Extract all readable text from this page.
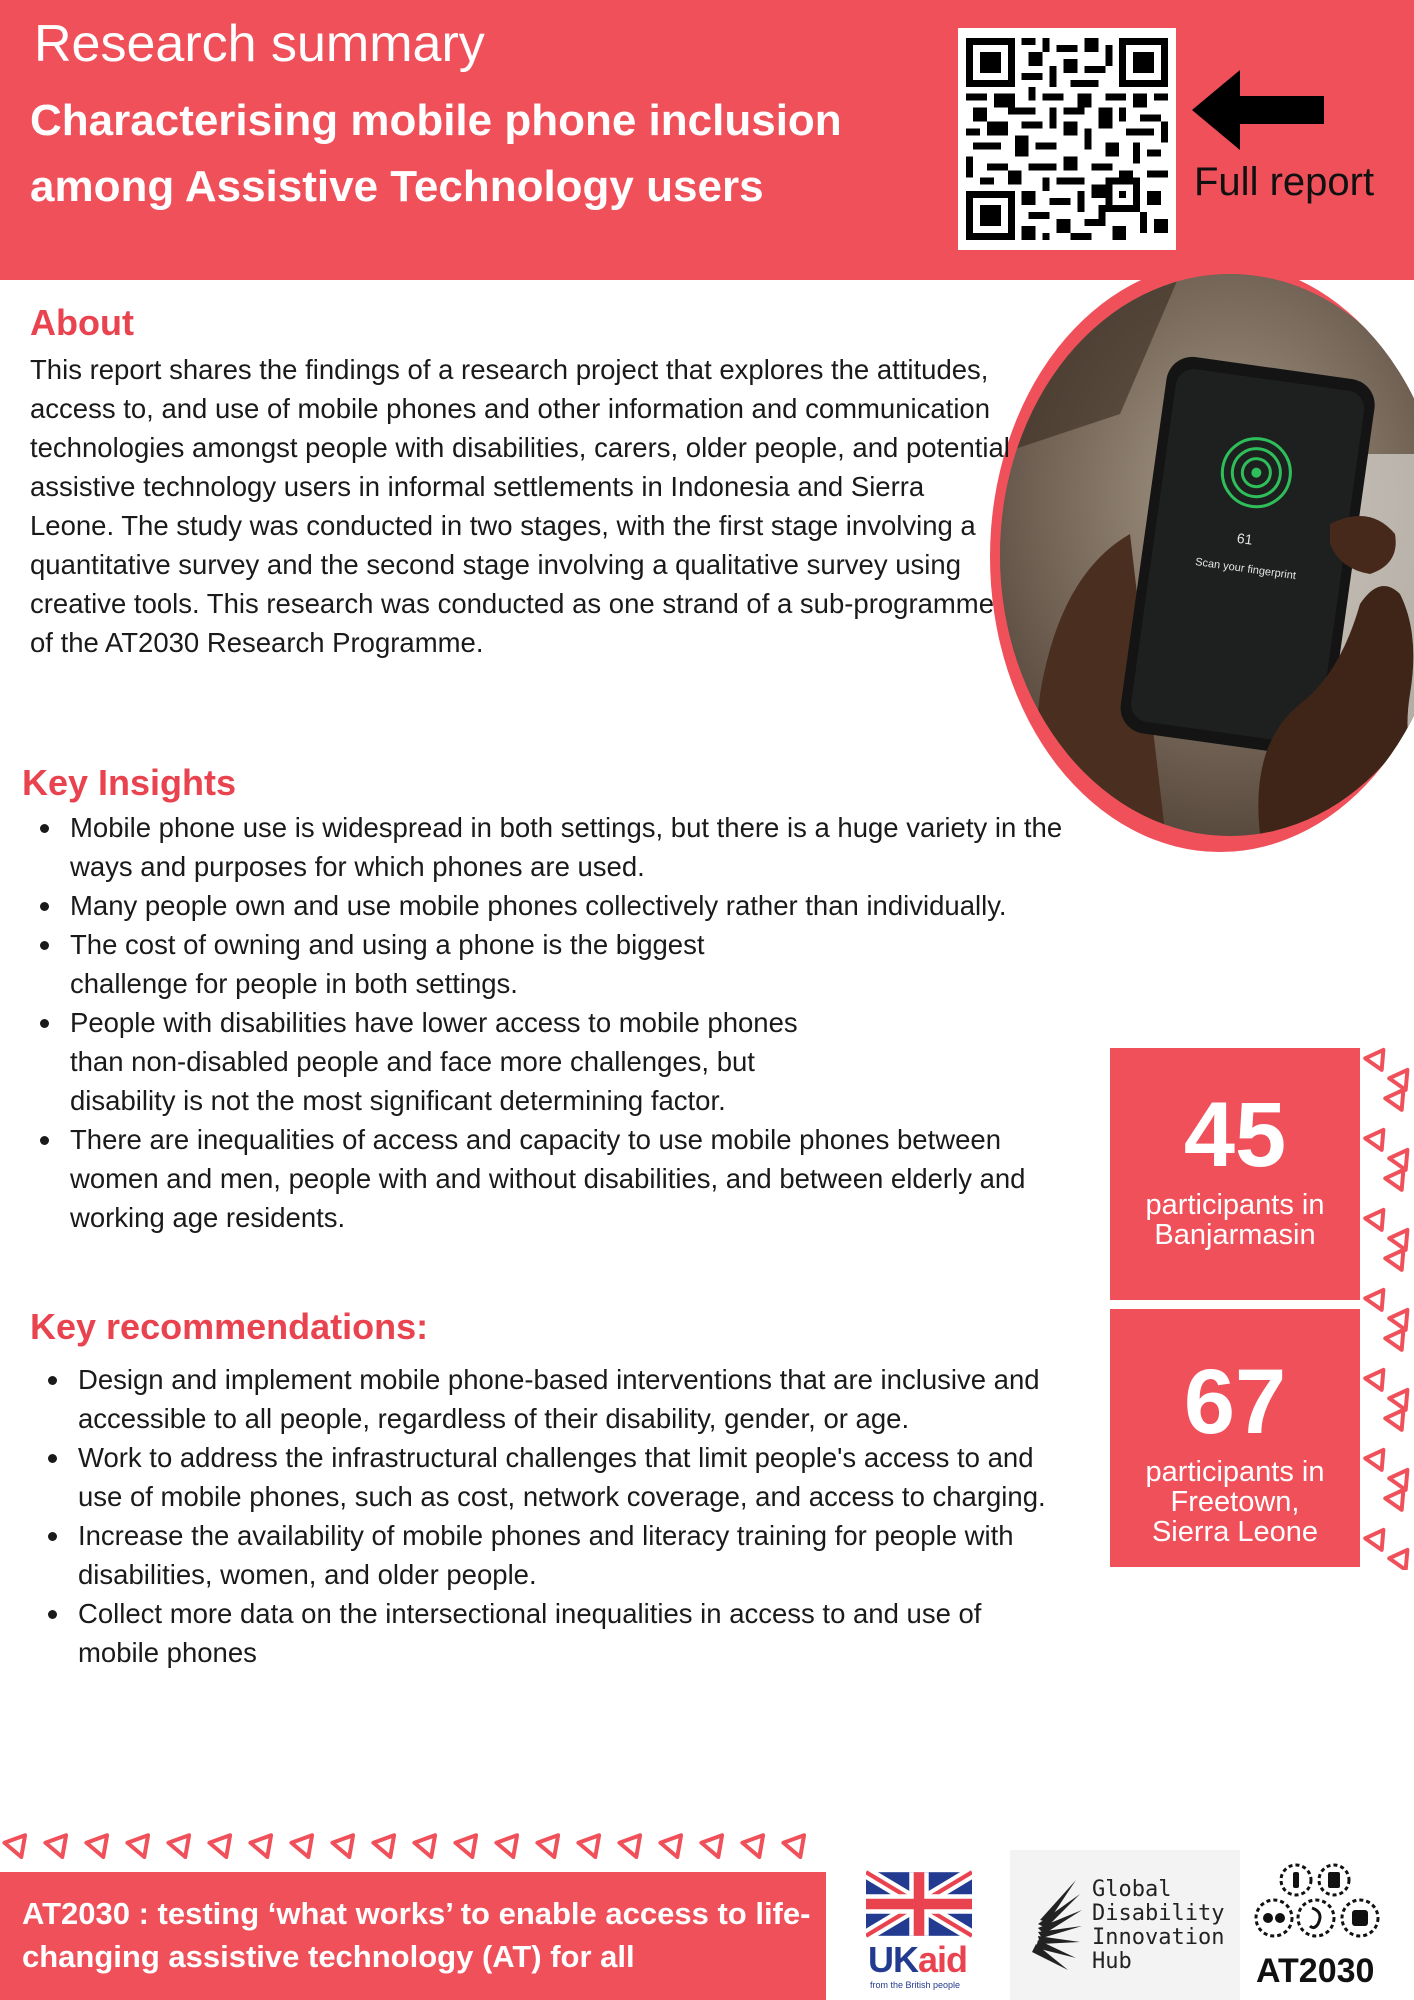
Research summary
Characterising mobile phone inclusion among Assistive Technology users	Full report
61
Scan your fingerprint
About

This report shares the findings of a research project that explores the attitudes, access to, and use of mobile phones and other information and communication technologies amongst people with disabilities, carers, older people, and potential assistive technology users in informal settlements in Indonesia and Sierra Leone. The study was conducted in two stages, with the first stage involving a quantitative survey and the second stage involving a qualitative survey using creative tools. This research was conducted as one strand of a sub-programme of the AT2030 Research Programme.

Key Insights
Mobile phone use is widespread in both settings, but there is a huge variety in the ways and purposes for which phones are used.
Many people own and use mobile phones collectively rather than individually.
The cost of owning and using a phone is the biggest challenge for people in both settings.
People with disabilities have lower access to mobile phones than non-disabled people and face more challenges, but disability is not the most significant determining factor.
There are inequalities of access and capacity to use mobile phones between women and men, people with and without disabilities, and between elderly and working age residents.
Key recommendations:
Design and implement mobile phone-based interventions that are inclusive and accessible to all people, regardless of their disability, gender, or age.
Work to address the infrastructural challenges that limit people's access to and use of mobile phones, such as cost, network coverage, and access to charging.
Increase the availability of mobile phones and literacy training for people with disabilities, women, and older people.
Collect more data on the intersectional inequalities in access to and use of mobile phones
45
participants in
Banjarmasin
67
participants in
Freetown,
Sierra Leone
AT2030 : testing ‘what works’ to enable access to life-changing assistive technology (AT) for all	UKaid
from the British people
Global
Disability
Innovation
Hub	AT2030
